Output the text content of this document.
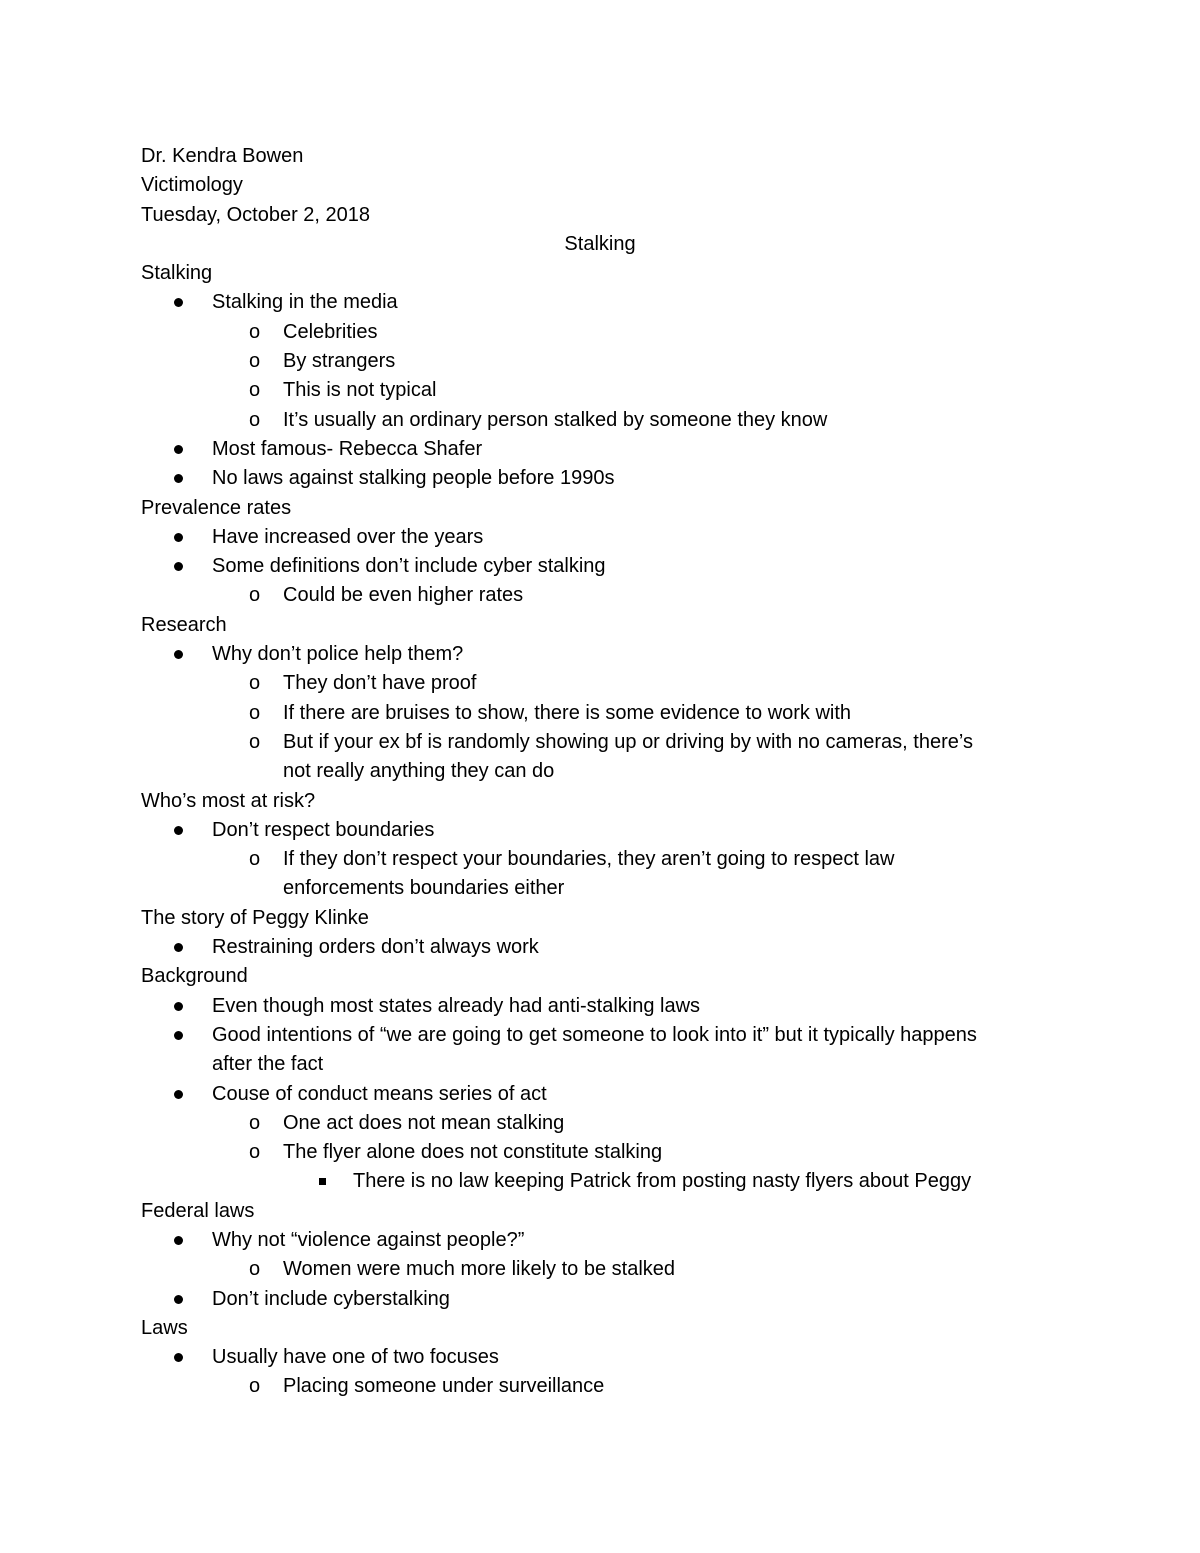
Dr. Kendra Bowen
Victimology
Tuesday, October 2, 2018
Stalking
Stalking
Stalking in the media
o Celebrities
o By strangers
o This is not typical
o It’s usually an ordinary person stalked by someone they know
Most famous- Rebecca Shafer
No laws against stalking people before 1990s
Prevalence rates
Have increased over the years
Some definitions don’t include cyber stalking
o Could be even higher rates
Research
Why don’t police help them?
o They don’t have proof
o If there are bruises to show, there is some evidence to work with
o But if your ex bf is randomly showing up or driving by with no cameras, there’s
not really anything they can do
Who’s most at risk?
Don’t respect boundaries
o If they don’t respect your boundaries, they aren’t going to respect law
enforcements boundaries either
The story of Peggy Klinke
Restraining orders don’t always work
Background
Even though most states already had anti-stalking laws
Good intentions of “we are going to get someone to look into it” but it typically happens
after the fact
Couse of conduct means series of act
o One act does not mean stalking
o The flyer alone does not constitute stalking
There is no law keeping Patrick from posting nasty flyers about Peggy
Federal laws
Why not “violence against people?”
o Women were much more likely to be stalked
Don’t include cyberstalking
Laws
Usually have one of two focuses
o Placing someone under surveillance
